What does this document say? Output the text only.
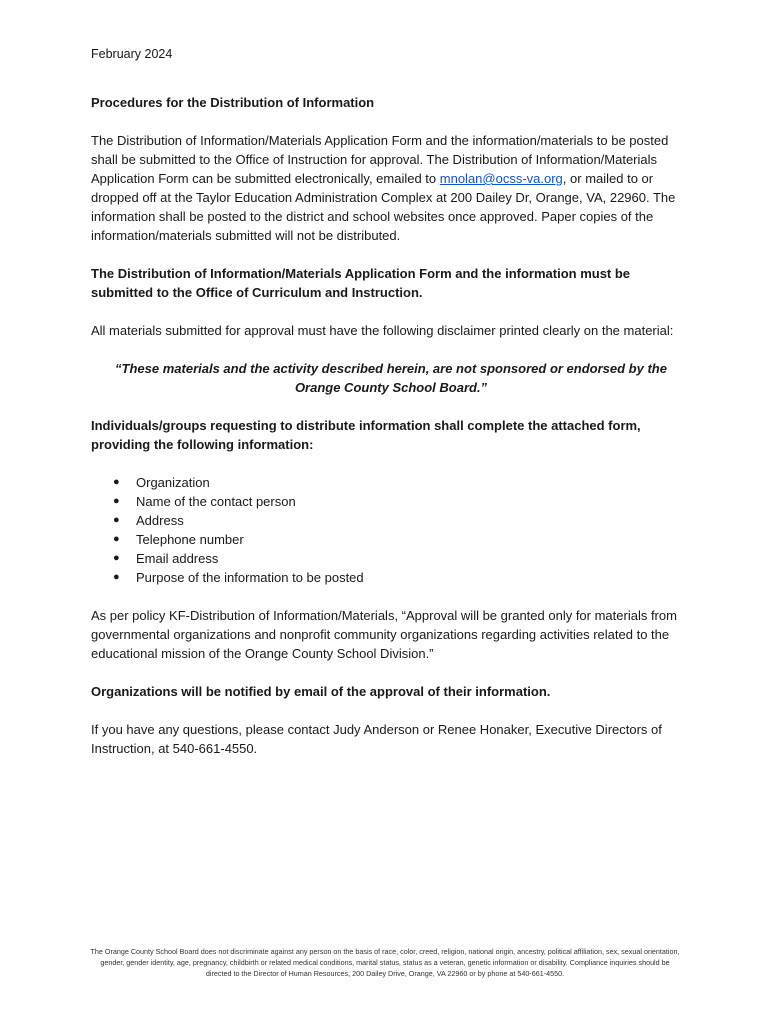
February 2024
Procedures for the Distribution of Information

The Distribution of Information/Materials Application Form and the information/materials to be posted shall be submitted to the Office of Instruction for approval. The Distribution of Information/Materials Application Form can be submitted electronically, emailed to mnolan@ocss-va.org, or mailed to or dropped off at the Taylor Education Administration Complex at 200 Dailey Dr, Orange, VA, 22960. The information shall be posted to the district and school websites once approved. Paper copies of the information/materials submitted will not be distributed.

The Distribution of Information/Materials Application Form and the information must be submitted to the Office of Curriculum and Instruction.

All materials submitted for approval must have the following disclaimer printed clearly on the material:

“These materials and the activity described herein, are not sponsored or endorsed by the Orange County School Board.”

Individuals/groups requesting to distribute information shall complete the attached form, providing the following information:

● Organization
● Name of the contact person
● Address
● Telephone number
● Email address
● Purpose of the information to be posted

As per policy KF-Distribution of Information/Materials, “Approval will be granted only for materials from governmental organizations and nonprofit community organizations regarding activities related to the educational mission of the Orange County School Division.”

Organizations will be notified by email of the approval of their information.

If you have any questions, please contact Judy Anderson or Renee Honaker, Executive Directors of Instruction, at 540-661-4550.

The Orange County School Board does not discriminate against any person on the basis of race, color, creed, religion, national origin, ancestry, political affiliation, sex, sexual orientation, gender, gender identity, age, pregnancy, childbirth or related medical conditions, marital status, status as a veteran, genetic information or disability. Compliance inquiries should be directed to the Director of Human Resources, 200 Dailey Drive, Orange, VA 22960 or by phone at 540-661-4550.
